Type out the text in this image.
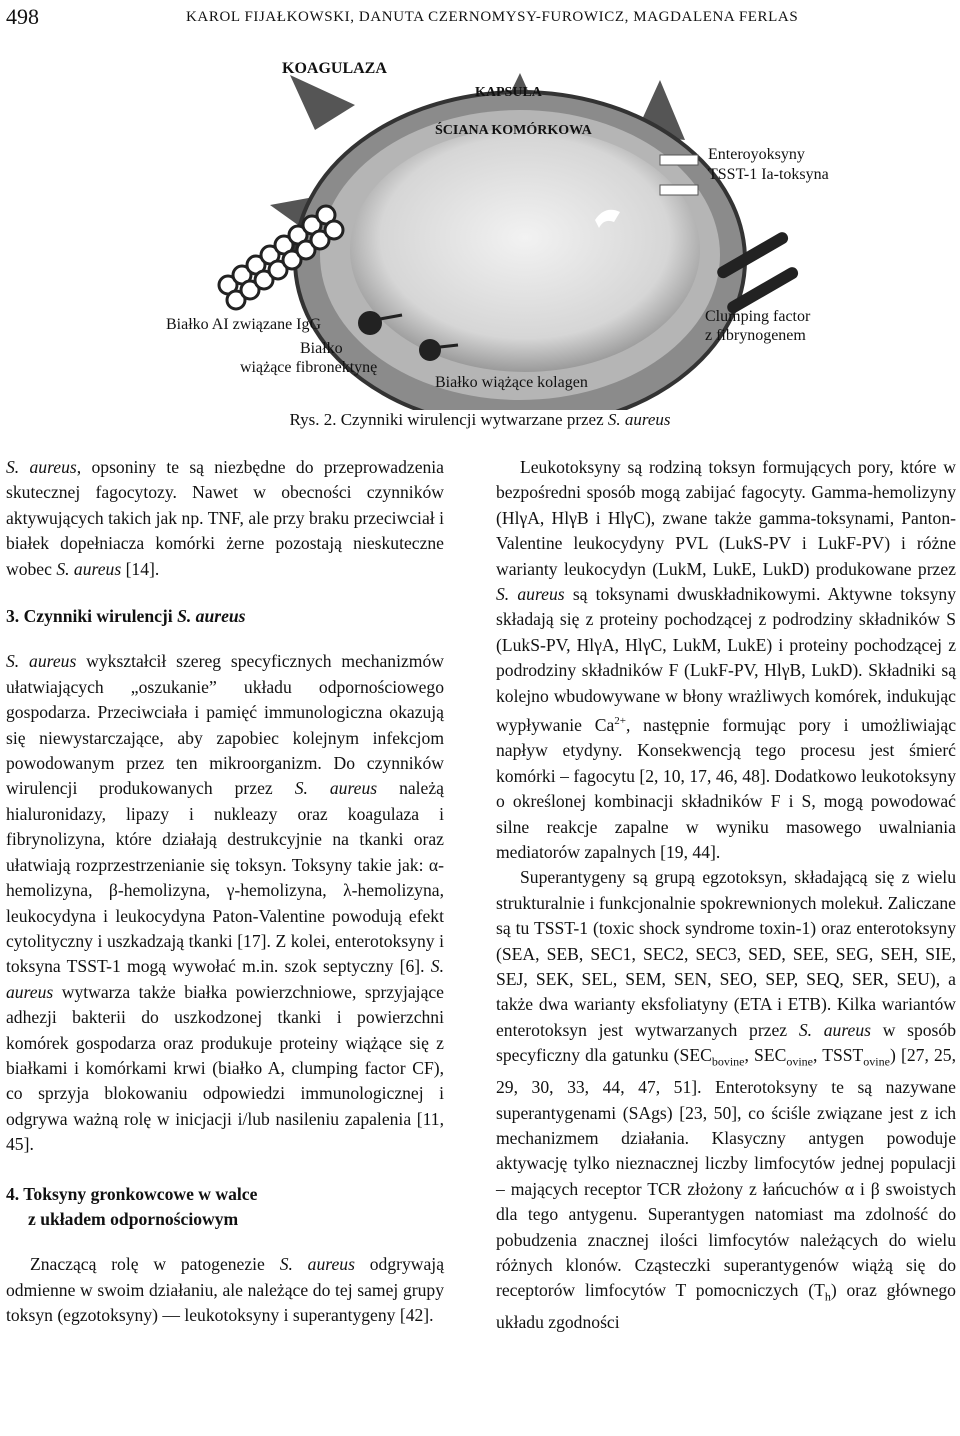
498	KAROL FIJAŁKOWSKI, DANUTA CZERNOMYSY-FUROWICZ, MAGDALENA FERLAS
KOAGULAZA
KAPSULA
ŚCIANA KOMÓRKOWA
Enteroyoksyny
TSST-1 Ia-toksyna
Clumping factor
z fibrynogenem
Białko AI związane IgG
Białko
wiążące fibronektynę
Białko wiążące kolagen
Rys. 2. Czynniki wirulencji wytwarzane przez S. aureus

S. aureus, opsoniny te są niezbędne do przeprowadzenia skutecznej fagocytozy. Nawet w obecności czynników aktywujących takich jak np. TNF, ale przy braku przeciwciał i białek dopełniacza komórki żerne pozostają nieskuteczne wobec S. aureus [14].

3. Czynniki wirulencji S. aureus

S. aureus wykształcił szereg specyficznych mechanizmów ułatwiających „oszukanie” układu odpornościowego gospodarza. Przeciwciała i pamięć immunologiczna okazują się niewystarczające, aby zapobiec kolejnym infekcjom powodowanym przez ten mikroorganizm. Do czynników wirulencji produkowanych przez S. aureus należą hialuronidazy, lipazy i nukleazy oraz koagulaza i fibrynolizyna, które działają destrukcyjnie na tkanki oraz ułatwiają rozprzestrzenianie się toksyn. Toksyny takie jak: α-hemolizyna, β-hemolizyna, γ-hemolizyna, λ-hemolizyna, leukocydyna i leukocydyna Paton-Valentine powodują efekt cytolityczny i uszkadzają tkanki [17]. Z kolei, enterotoksyny i toksyna TSST-1 mogą wywołać m.in. szok septyczny [6]. S. aureus wytwarza także białka powierzchniowe, sprzyjające adhezji bakterii do uszkodzonej tkanki i powierzchni komórek gospodarza oraz produkuje proteiny wiążące się z białkami i komórkami krwi (białko A, clumping factor CF), co sprzyja blokowaniu odpowiedzi immunologicznej i odgrywa ważną rolę w inicjacji i/lub nasileniu zapalenia [11, 45].

4. Toksyny gronkowcowe w walce
z układem odpornościowym

Znaczącą rolę w patogenezie S. aureus odgrywają odmienne w swoim działaniu, ale należące do tej samej grupy toksyn (egzotoksyny) — leukotoksyny i superantygeny [42].

Leukotoksyny są rodziną toksyn formujących pory, które w bezpośredni sposób mogą zabijać fagocyty. Gamma-hemolizyny (HlγA, HlγB i HlγC), zwane także gamma-toksynami, Panton-Valentine leukocydyny PVL (LukS-PV i LukF-PV) i różne warianty leukocydyn (LukM, LukE, LukD) produkowane przez S. aureus są toksynami dwuskładnikowymi. Aktywne toksyny składają się z proteiny pochodzącej z podrodziny składników S (LukS-PV, HlγA, HlγC, LukM, LukE) i proteiny pochodzącej z podrodziny składników F (LukF-PV, HlγB, LukD). Składniki są kolejno wbudowywane w błony wrażliwych komórek, indukując wypływanie $Ca^{2+}$, następnie formując pory i umożliwiając napływ etydyny. Konsekwencją tego procesu jest śmierć komórki – fagocytu [2, 10, 17, 46, 48]. Dodatkowo leukotoksyny o określonej kombinacji składników F i S, mogą powodować silne reakcje zapalne w wyniku masowego uwalniania mediatorów zapalnych [19, 44].

Superantygeny są grupą egzotoksyn, składającą się z wielu strukturalnie i funkcjonalnie spokrewnionych molekuł. Zaliczane są tu TSST-1 (toxic shock syndrome toxin-1) oraz enterotoksyny (SEA, SEB, SEC1, SEC2, SEC3, SED, SEE, SEG, SEH, SIE, SEJ, SEK, SEL, SEM, SEN, SEO, SEP, SEQ, SER, SEU), a także dwa warianty eksfoliatyny (ETA i ETB). Kilka wariantów enterotoksyn jest wytwarzanych przez S. aureus w sposób specyficzny dla gatunku ($SEC_{bovine}$, $SEC_{ovine}$, $TSST_{ovine}$) [27, 25, 29, 30, 33, 44, 47, 51]. Enterotoksyny te są nazywane superantygenami (SAgs) [23, 50], co ściśle związane jest z ich mechanizmem działania. Klasyczny antygen powoduje aktywację tylko nieznacznej liczby limfocytów jednej populacji – mających receptor TCR złożony z łańcuchów α i β swoistych dla tego antygenu. Superantygen natomiast ma zdolność do pobudzenia znacznej ilości limfocytów należących do wielu różnych klonów. Cząsteczki superantygenów wiążą się do receptorów limfocytów T pomocniczych $(T_h)$ oraz głównego układu zgodności
